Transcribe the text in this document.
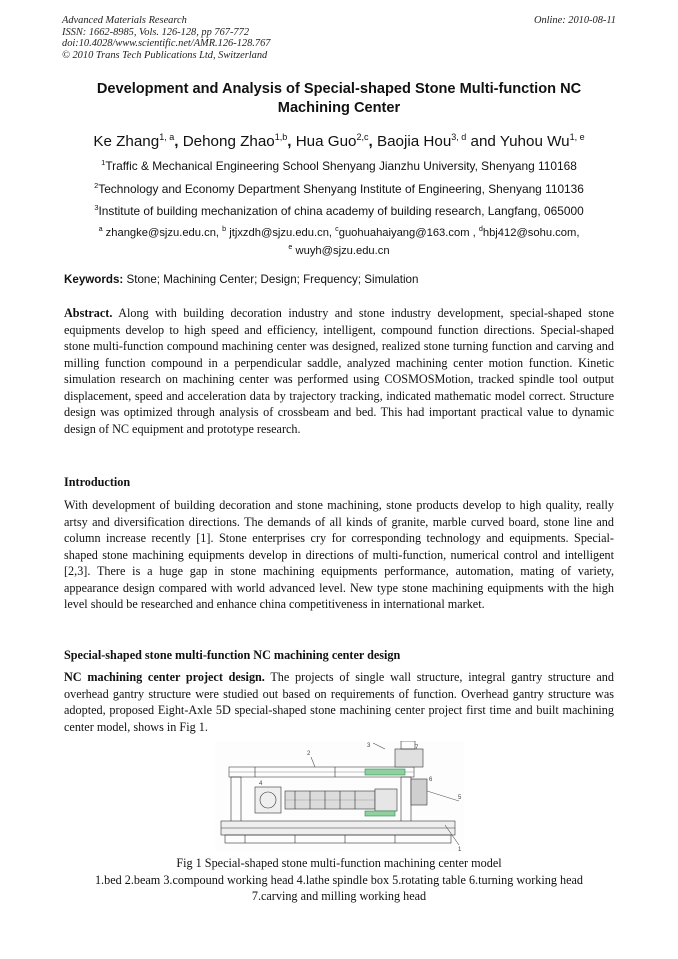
Advanced Materials Research
ISSN: 1662-8985, Vols. 126-128, pp 767-772
doi:10.4028/www.scientific.net/AMR.126-128.767
© 2010 Trans Tech Publications Ltd, Switzerland
Online: 2010-08-11
Development and Analysis of Special-shaped Stone Multi-function NC
Machining Center
Ke Zhang$^{1, a}$, Dehong Zhao$^{1,b}$, Hua Guo$^{2,c}$, Baojia Hou$^{3, d}$ and Yuhou Wu$^{1, e}$
$^1$Traffic & Mechanical Engineering School Shenyang Jianzhu University, Shenyang 110168
$^2$Technology and Economy Department Shenyang Institute of Engineering, Shenyang 110136
$^3$Institute of building mechanization of china academy of building research, Langfang, 065000
$^a$ zhangke@sjzu.edu.cn, $^b$ jtjxzdh@sjzu.edu.cn, $^c$guohuahaiyang@163.com , $^d$hbj412@sohu.com,
$^e$ wuyh@sjzu.edu.cn
Keywords: Stone; Machining Center; Design; Frequency; Simulation
Abstract. Along with building decoration industry and stone industry development, special-shaped stone equipments develop to high speed and efficiency, intelligent, compound function directions. Special-shaped stone multi-function compound machining center was designed, realized stone turning function and carving and milling function compound in a perpendicular saddle, analyzed machining center motion function. Kinetic simulation research on machining center was performed using COSMOSMotion, tracked spindle tool output displacement, speed and acceleration data by trajectory tracking, indicated mathematic model correct. Structure design was optimized through analysis of crossbeam and bed. This had important practical value to dynamic design of NC equipment and prototype research.
Introduction
With development of building decoration and stone machining, stone products develop to high quality, really artsy and diversification directions. The demands of all kinds of granite, marble curved board, stone line and column increase recently [1]. Stone enterprises cry for corresponding technology and equipments. Special-shaped stone machining equipments develop in directions of multi-function, numerical control and intelligent [2,3]. There is a huge gap in stone machining equipments performance, automation, mating of variety, appearance design compared with world advanced level. New type stone machining equipments with the high level should be researched and enhance china competitiveness in international market.
Special-shaped stone multi-function NC machining center design
NC machining center project design. The projects of single wall structure, integral gantry structure and overhead gantry structure were studied out based on requirements of function. Overhead gantry structure was adopted, proposed Eight-Axle 5D special-shaped stone machining center project first time and built machining center model, shows in Fig 1.
1
2
3
4
5
6
7
Fig 1 Special-shaped stone multi-function machining center model
1.bed 2.beam 3.compound working head 4.lathe spindle box 5.rotating table 6.turning working head
7.carving and milling working head
